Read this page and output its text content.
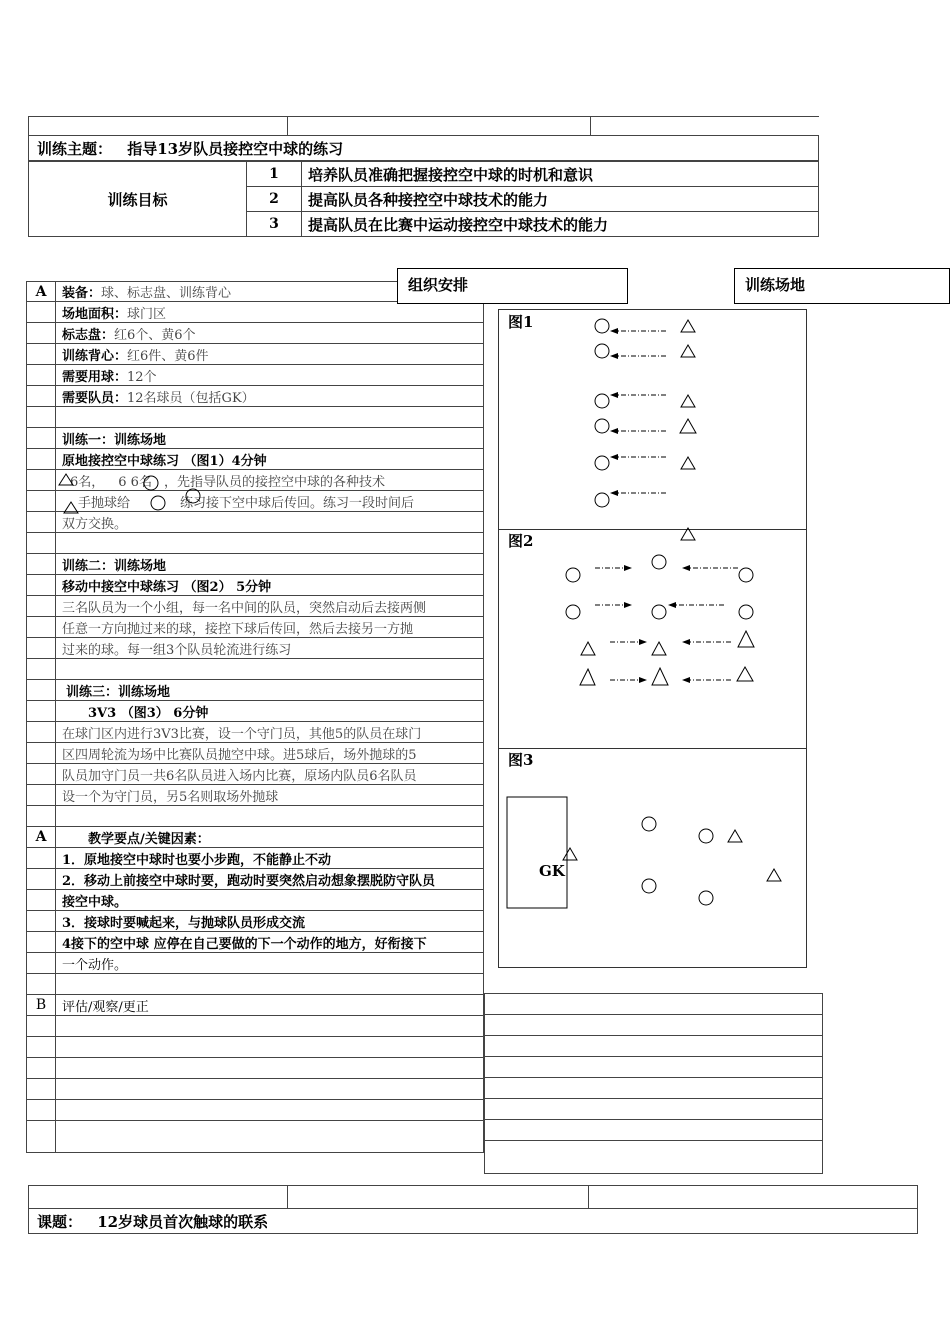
训练主题： 指导13岁队员接控空中球的练习
训练目标	1	培养队员准确把握接控空中球的时机和意识
	2	提高队员各种接控空中球技术的能力
	3	提高队员在比赛中运动接控空中球技术的能力
A	装备：球、标志盘、训练背心
	场地面积：球门区
	标志盘：红6个、黄6个
	训练背心：红6件、黄6件
	需要用球：12个
	需要队员：12名球员（包括GK）

	训练一：训练场地
	原地接控空中球练习 （图1）4分钟
	6名， 6 6名 ，先指导队员的接控空中球的各种技术
	手抛球给 练习接下空中球后传回。练习一段时间后
	双方交换。

	训练二：训练场地
	移动中接空中球练习 （图2） 5分钟
	三名队员为一个小组，每一名中间的队员，突然启动后去接两侧
	任意一方向抛过来的球，接控下球后传回，然后去接另一方抛
	过来的球。每一组3个队员轮流进行练习

	训练三：训练场地
	3V3 （图3） 6分钟
	在球门区内进行3V3比赛，设一个守门员，其他5的队员在球门
	区四周轮流为场中比赛队员抛空中球。进5球后，场外抛球的5
	队员加守门员一共6名队员进入场内比赛，原场内队员6名队员
	设一个为守门员，另5名则取场外抛球

A	教学要点/关键因素：
	1．原地接空中球时也要小步跑，不能静止不动
	2．移动上前接空中球时要，跑动时要突然启动想象摆脱防守队员
	接空中球。
	3．接球时要喊起来，与抛球队员形成交流
	4接下的空中球 应停在自己要做的下一个动作的地方，好衔接下
	一个动作。

B	评估/观察/更正

组织安排	训练场地

图1
图2
图3
GK

课题： 12岁球员首次触球的联系
